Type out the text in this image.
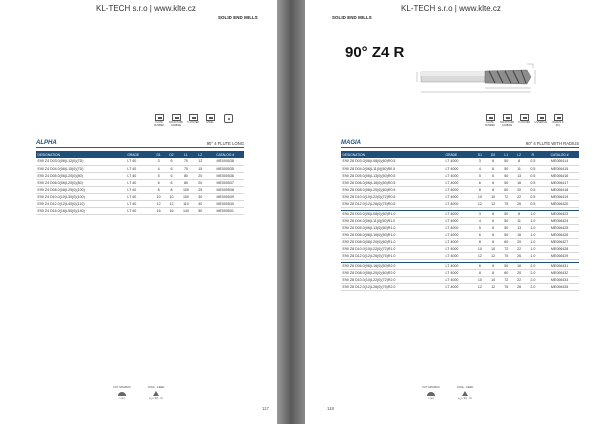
KL-TECH s.r.o | www.klte.cz
SOLID END MILLS
FLUTE
NUMBER
SOLID HARD
CARBIDE
TI-COATED	STEEL
ALPHA	90° 4 FLUTE LONG
DESIGNATION	GRADE	D1	D2	L1	L2	CATALOG #
E90 Z4 D03.0(06)L12(0)(7D)	LT 40	3	6	70	12	ME000538
E90 Z4 D04.0(06)L15(0)(7D)	LT 40	4	6	70	15	ME000535
E90 Z4 D05.0(06)L20(0)(80)	LT 40	5	6	80	20	ME000536
E90 Z4 D06.0(06)L20(0)(80)	LT 40	6	6	80	20	ME000537
E90 Z4 D08.0(08)L25(0)(100)	LT 40	8	8	100	25	ME000538
E90 Z4 D10.0(10)L30(0)(100)	LT 40	10	10	100	30	ME000539
E90 Z4 D12.0(12)L40(0)(110)	LT 40	12	12	110	40	ME000530
E90 Z4 D16.0(16)L50(0)(140)	LT 40	16	16	140	50	ME000531
CUT GRAPHIC
v (m)
COOL - FEED
a_p / f(z) - Vc
117
KL-TECH s.r.o | www.klte.cz
SOLID END MILLS
90° Z4 R
FLUTE
NUMBER
SOLID HARD
CARBIDE
TI-COATED	UNIVERSAL	RADIUS R
(R1)
MAGIA	90° 4 FLUTE WITH RADIUS
DESIGNATION	GRADE	D1	D2	L1	L2	R	CATALOG #
E90 Z8 D03.0(06)L08(0)(60)R0.5	LT 4000	3	6	50	8	0.5	ME006414
E90 Z8 D04.0(06)L11(0)(50)R0.5	LT 4000	4	6	50	11	0.5	ME006415
E90 Z8 D05.0(06)L13(0)(50)R0.5	LT 4000	5	6	50	13	0.5	ME006416
E90 Z8 D06.0(06)L16(0)(50)R0.5	LT 4000	6	6	50	16	0.5	ME006417
E90 Z8 D08.0(08)L20(0)(60)R0.5	LT 4000	8	8	60	20	0.5	ME006418
E90 Z8 D10.0(10)L22(0)(72)R0.5	LT 4000	10	10	72	22	0.5	ME006419
E90 Z8 D12.0(12)L26(0)(75)R0.5	LT 4000	12	12	75	26	0.5	ME006420

E90 Z8 D03.0(06)L08(0)(50)R1.0	LT 4000	3	6	50	8	1.0	ME006423
E90 Z8 D04.0(06)L11(0)(50)R1.0	LT 4000	4	6	50	11	1.0	ME006424
E90 Z8 D05.0(06)L13(0)(50)R1.0	LT 4000	5	6	50	13	1.0	ME006425
E90 Z8 D06.0(06)L16(0)(50)R1.0	LT 4000	6	6	50	16	1.0	ME006426
E90 Z8 D08.0(08)L20(0)(60)R1.0	LT 4000	8	8	60	20	1.0	ME006427
E90 Z8 D10.0(10)L22(0)(72)R1.0	LT 4000	10	10	72	22	1.0	ME006428
E90 Z8 D12.0(12)L26(0)(75)R1.0	LT 4000	12	12	75	26	1.0	ME006429

E90 Z8 D06.0(06)L16(0)(50)R2.0	LT 4000	6	6	50	16	2.0	ME006431
E90 Z8 D08.0(08)L20(0)(60)R2.0	LT 4000	8	8	60	20	2.0	ME006432
E90 Z8 D10.0(10)L22(0)(72)R2.0	LT 4000	10	10	72	22	2.0	ME006434
E90 Z8 D12.0(12)L26(0)(75)R2.0	LT 4000	12	12	75	26	2.0	ME006435
CUT GRAPHIC
v (m)
COOL - FEED
a_p / f(z) - Vc
118
